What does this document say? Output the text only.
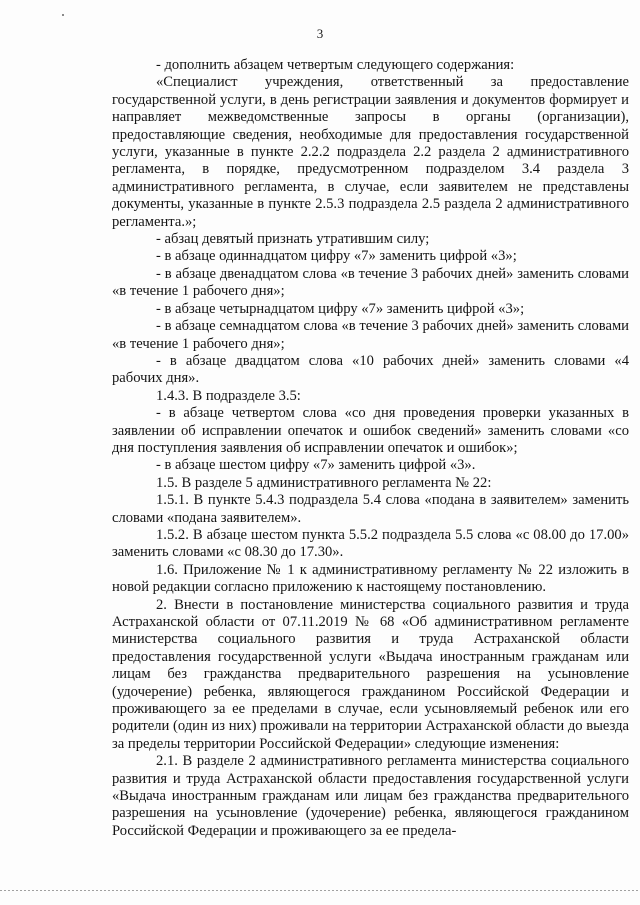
3

- дополнить абзацем четвертым следующего содержания:

«Специалист учреждения, ответственный за предоставление государственной услуги, в день регистрации заявления и документов формирует и направляет межведомственные запросы в органы (организации), предоставляющие сведения, необходимые для предоставления государственной услуги, указанные в пункте 2.2.2 подраздела 2.2 раздела 2 административного регламента, в порядке, предусмотренном подразделом 3.4 раздела 3 административного регламента, в случае, если заявителем не представлены документы, указанные в пункте 2.5.3 подраздела 2.5 раздела 2 административного регламента.»;

- абзац девятый признать утратившим силу;

- в абзаце одиннадцатом цифру «7» заменить цифрой «3»;

- в абзаце двенадцатом слова «в течение 3 рабочих дней» заменить словами «в течение 1 рабочего дня»;

- в абзаце четырнадцатом цифру «7» заменить цифрой «3»;

- в абзаце семнадцатом слова «в течение 3 рабочих дней» заменить словами «в течение 1 рабочего дня»;

- в абзаце двадцатом слова «10 рабочих дней» заменить словами «4 рабочих дня».

1.4.3. В подразделе 3.5:

- в абзаце четвертом слова «со дня проведения проверки указанных в заявлении об исправлении опечаток и ошибок сведений» заменить словами «со дня поступления заявления об исправлении опечаток и ошибок»;

- в абзаце шестом цифру «7» заменить цифрой «3».

1.5. В разделе 5 административного регламента № 22:

1.5.1. В пункте 5.4.3 подраздела 5.4 слова «подана в заявителем» заменить словами «подана заявителем».

1.5.2. В абзаце шестом пункта 5.5.2 подраздела 5.5 слова «с 08.00 до 17.00» заменить словами «с 08.30 до 17.30».

1.6. Приложение № 1 к административному регламенту № 22 изложить в новой редакции согласно приложению к настоящему постановлению.

2. Внести в постановление министерства социального развития и труда Астраханской области от 07.11.2019 № 68 «Об административном регламенте министерства социального развития и труда Астраханской области предоставления государственной услуги «Выдача иностранным гражданам или лицам без гражданства предварительного разрешения на усыновление (удочерение) ребенка, являющегося гражданином Российской Федерации и проживающего за ее пределами в случае, если усыновляемый ребенок или его родители (один из них) проживали на территории Астраханской области до выезда за пределы территории Российской Федерации» следующие изменения:

2.1. В разделе 2 административного регламента министерства социального развития и труда Астраханской области предоставления государственной услуги «Выдача иностранным гражданам или лицам без гражданства предварительного разрешения на усыновление (удочерение) ребенка, являющегося гражданином Российской Федерации и проживающего за ее предела-
